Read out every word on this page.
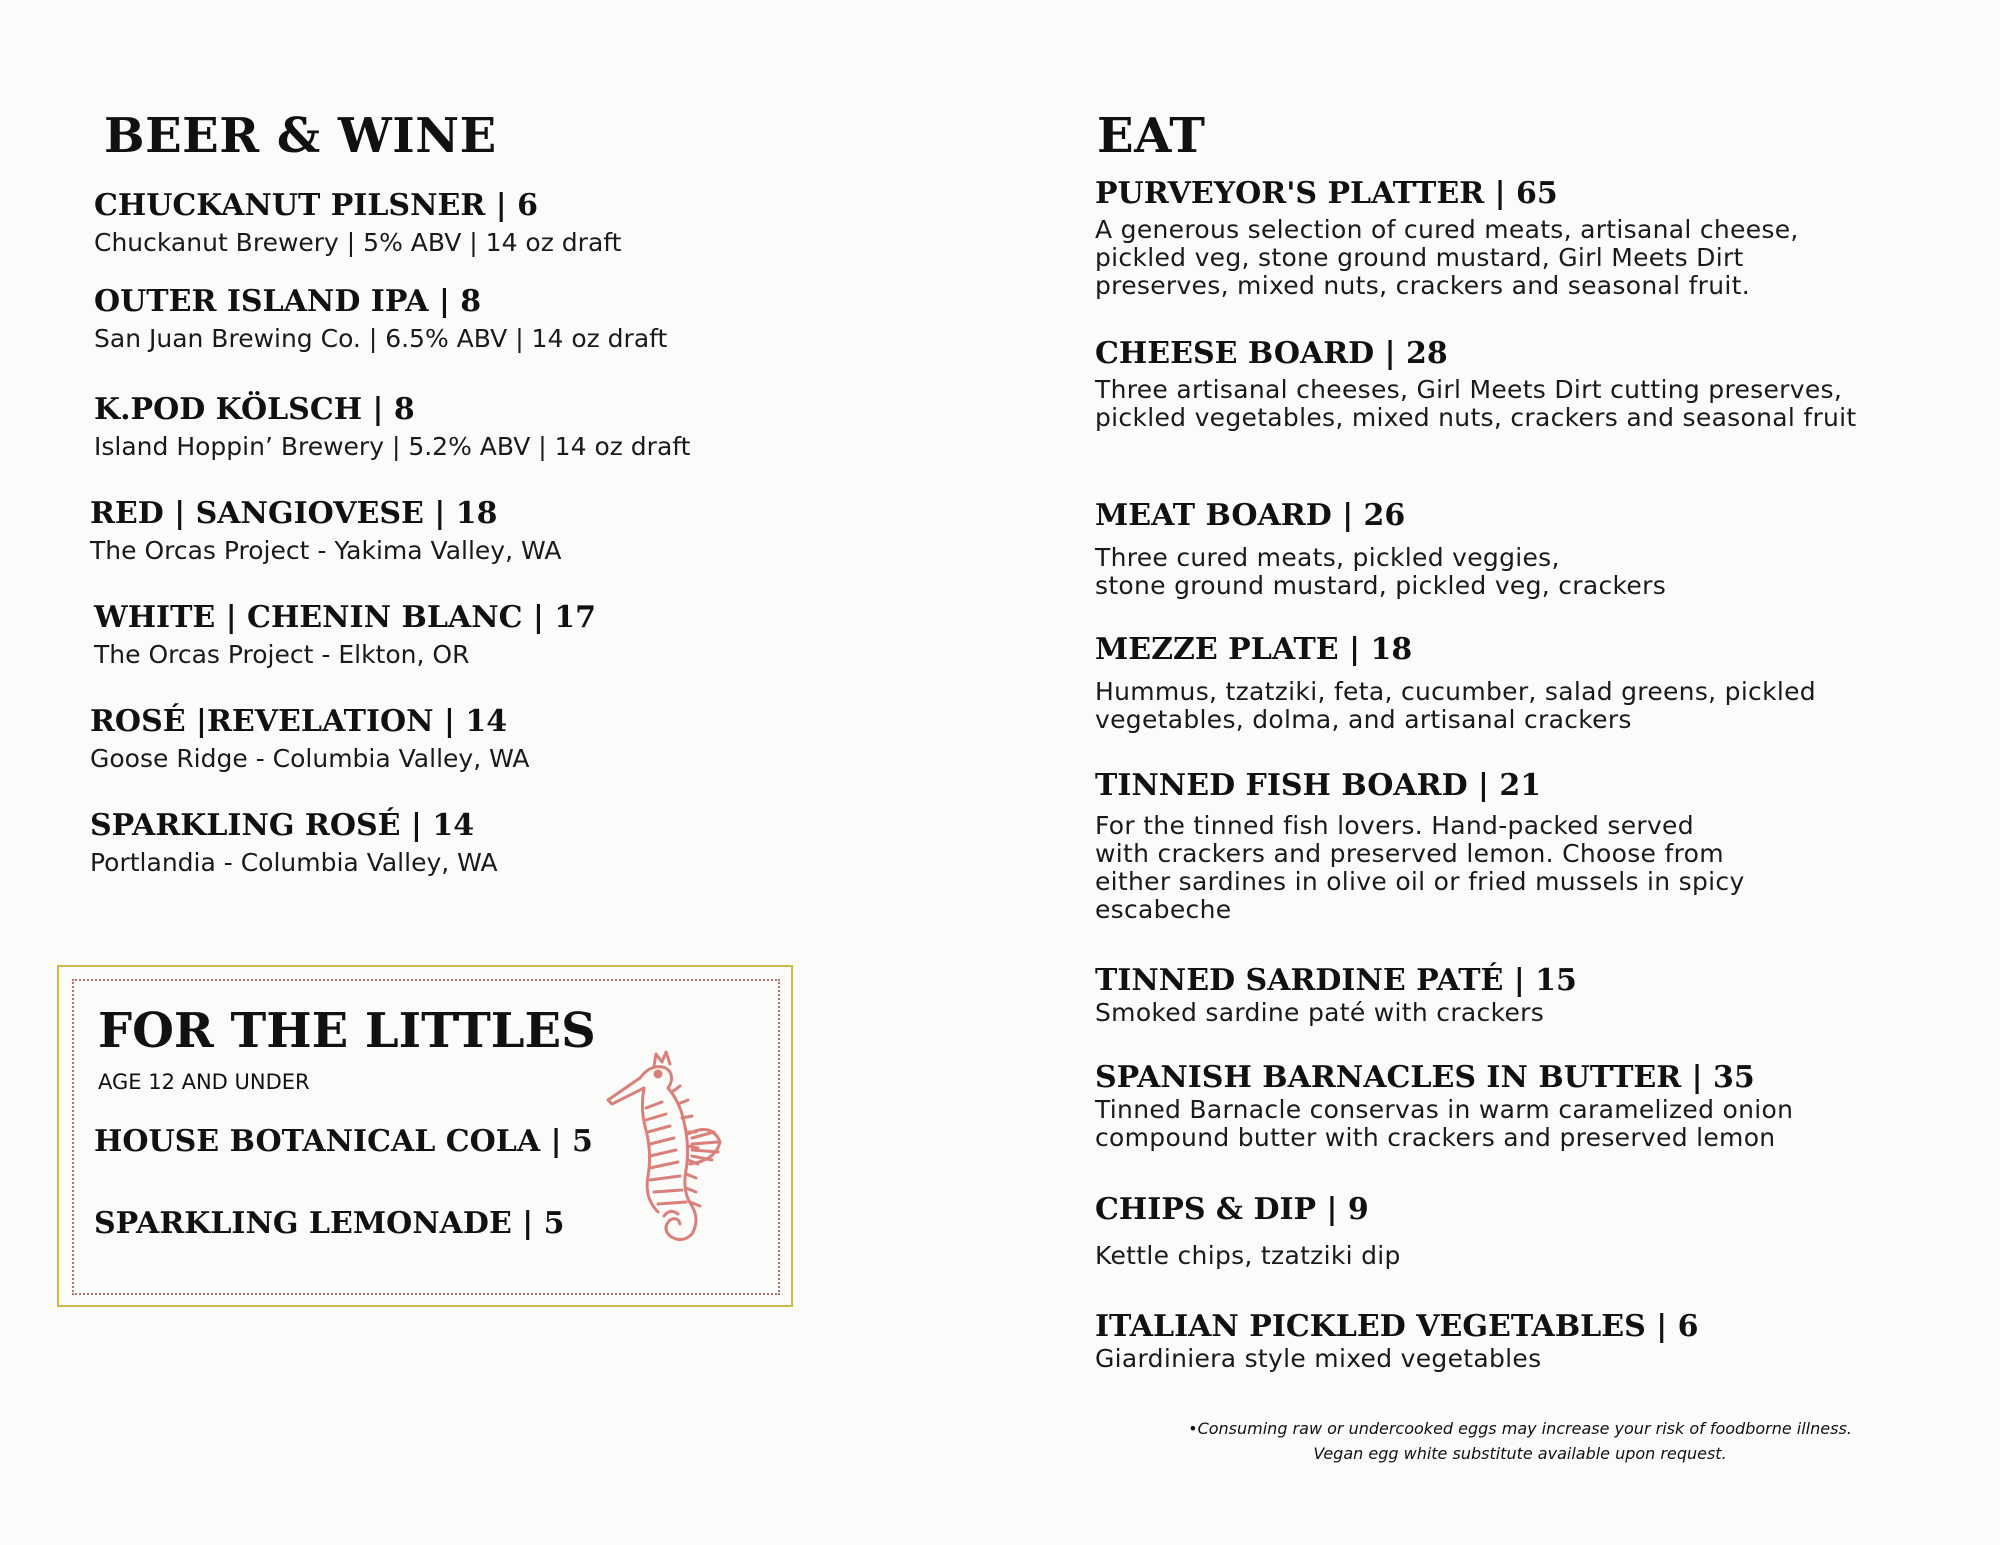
BEER & WINE
CHUCKANUT PILSNER | 6
Chuckanut Brewery | 5% ABV | 14 oz draft
OUTER ISLAND IPA | 8
San Juan Brewing Co. | 6.5% ABV | 14 oz draft
K.POD KÖLSCH | 8
Island Hoppin’ Brewery | 5.2% ABV | 14 oz draft
RED | SANGIOVESE | 18
The Orcas Project - Yakima Valley, WA
WHITE | CHENIN BLANC | 17
The Orcas Project - Elkton, OR
ROSÉ |REVELATION | 14
Goose Ridge - Columbia Valley, WA
SPARKLING ROSÉ | 14
Portlandia - Columbia Valley, WA
FOR THE LITTLES
AGE 12 AND UNDER
HOUSE BOTANICAL COLA | 5
SPARKLING LEMONADE | 5
EAT
PURVEYOR'S PLATTER | 65
A generous selection of cured meats, artisanal cheese,
pickled veg, stone ground mustard, Girl Meets Dirt
preserves, mixed nuts, crackers and seasonal fruit.
CHEESE BOARD | 28
Three artisanal cheeses, Girl Meets Dirt cutting preserves,
pickled vegetables, mixed nuts, crackers and seasonal fruit
MEAT BOARD | 26
Three cured meats, pickled veggies,
stone ground mustard, pickled veg, crackers
MEZZE PLATE | 18
Hummus, tzatziki, feta, cucumber, salad greens, pickled
vegetables, dolma, and artisanal crackers
TINNED FISH BOARD | 21
For the tinned fish lovers. Hand-packed served
with crackers and preserved lemon. Choose from
either sardines in olive oil or fried mussels in spicy
escabeche
TINNED SARDINE PATÉ | 15
Smoked sardine paté with crackers
SPANISH BARNACLES IN BUTTER | 35
Tinned Barnacle conservas in warm caramelized onion
compound butter with crackers and preserved lemon
CHIPS & DIP | 9
Kettle chips, tzatziki dip
ITALIAN PICKLED VEGETABLES | 6
Giardiniera style mixed vegetables
•Consuming raw or undercooked eggs may increase your risk of foodborne illness.
Vegan egg white substitute available upon request.
